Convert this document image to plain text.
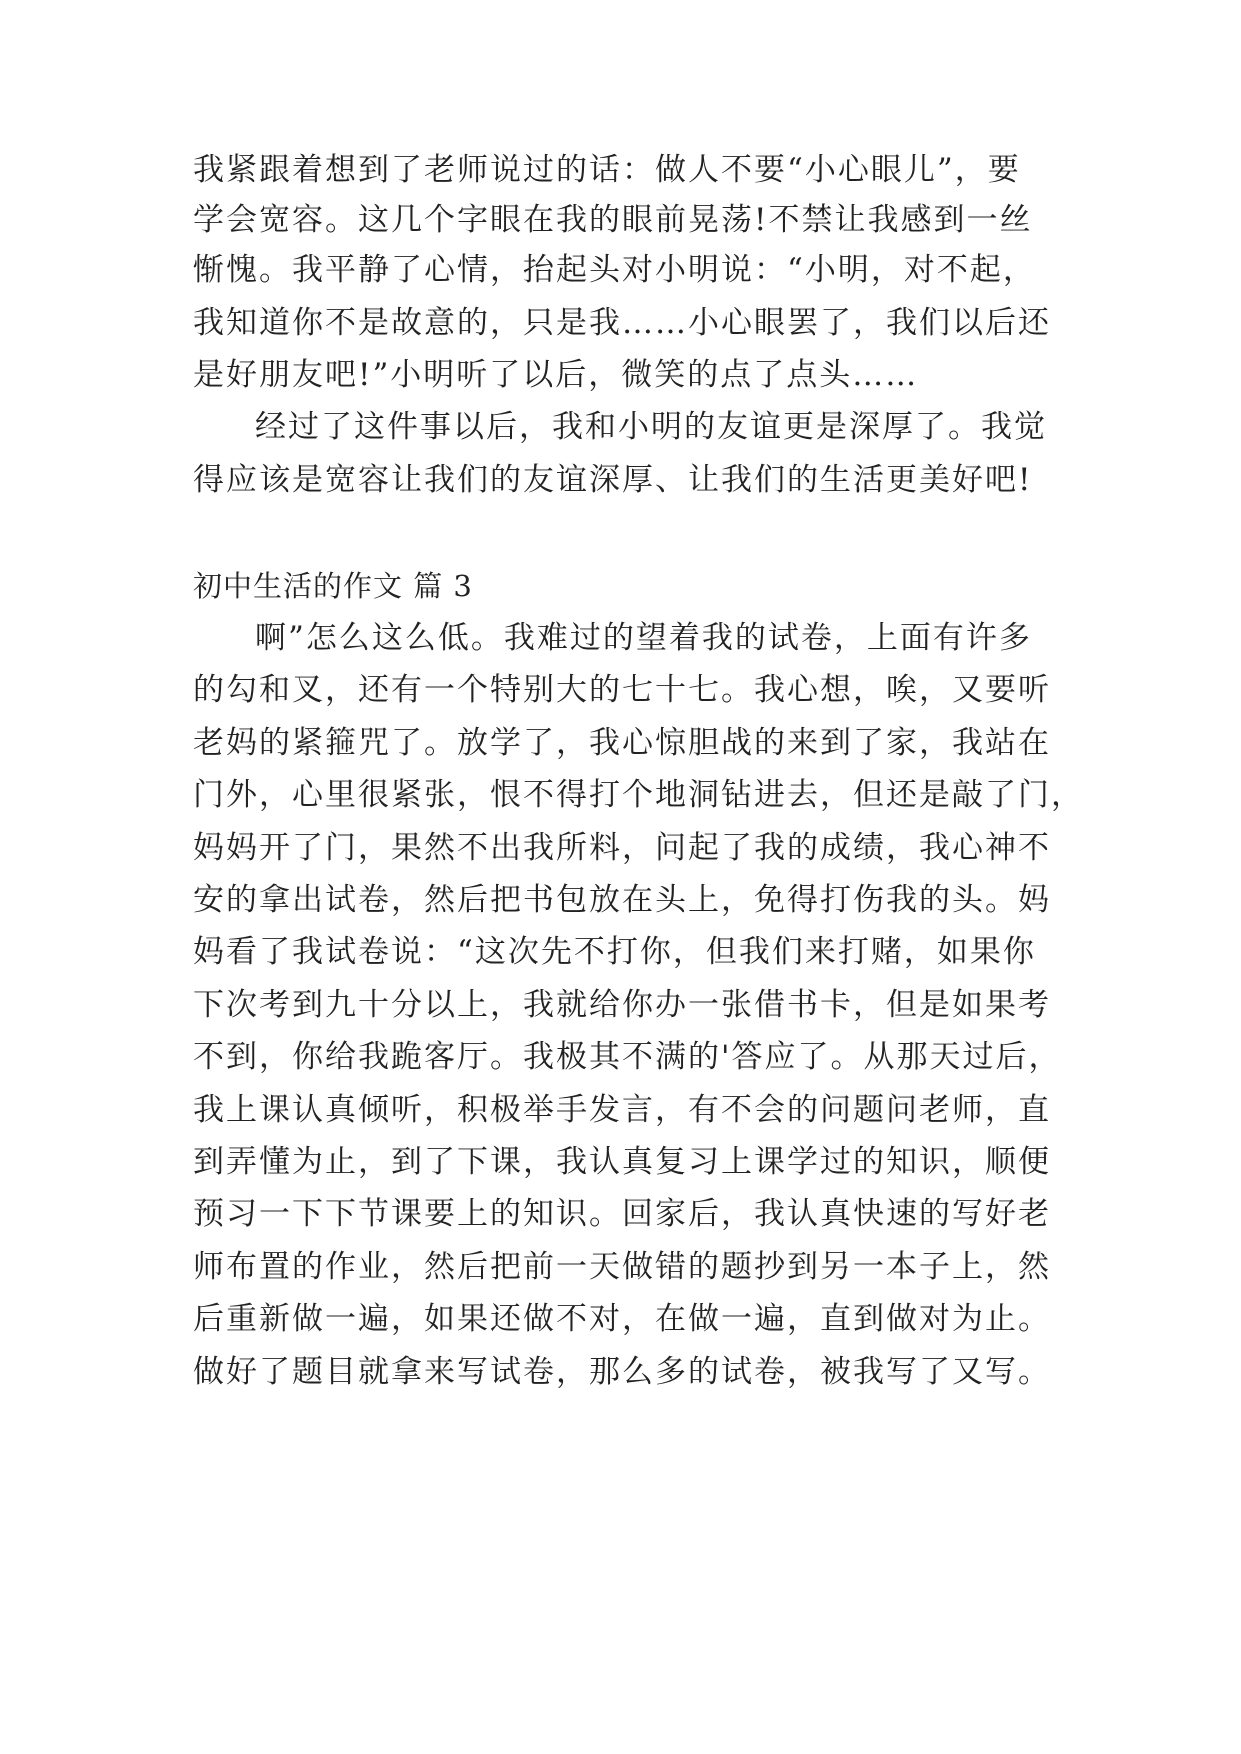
我紧跟着想到了老师说过的话：做人不要“小心眼儿”，要
学会宽容。这几个字眼在我的眼前晃荡!不禁让我感到一丝
惭愧。我平静了心情，抬起头对小明说：“小明，对不起，
我知道你不是故意的，只是我……小心眼罢了，我们以后还
是好朋友吧!”小明听了以后，微笑的点了点头……
经过了这件事以后，我和小明的友谊更是深厚了。我觉
得应该是宽容让我们的友谊深厚、让我们的生活更美好吧!
初中生活的作文 篇 3
啊”怎么这么低。我难过的望着我的试卷，上面有许多
的勾和叉，还有一个特别大的七十七。我心想，唉，又要听
老妈的紧箍咒了。放学了，我心惊胆战的来到了家，我站在
门外，心里很紧张，恨不得打个地洞钻进去，但还是敲了门，
妈妈开了门，果然不出我所料，问起了我的成绩，我心神不
安的拿出试卷，然后把书包放在头上，免得打伤我的头。妈
妈看了我试卷说：“这次先不打你，但我们来打赌，如果你
下次考到九十分以上，我就给你办一张借书卡，但是如果考
不到，你给我跪客厅。我极其不满的'答应了。从那天过后，
我上课认真倾听，积极举手发言，有不会的问题问老师，直
到弄懂为止，到了下课，我认真复习上课学过的知识，顺便
预习一下下节课要上的知识。回家后，我认真快速的写好老
师布置的作业，然后把前一天做错的题抄到另一本子上，然
后重新做一遍，如果还做不对，在做一遍，直到做对为止。
做好了题目就拿来写试卷，那么多的试卷，被我写了又写。
